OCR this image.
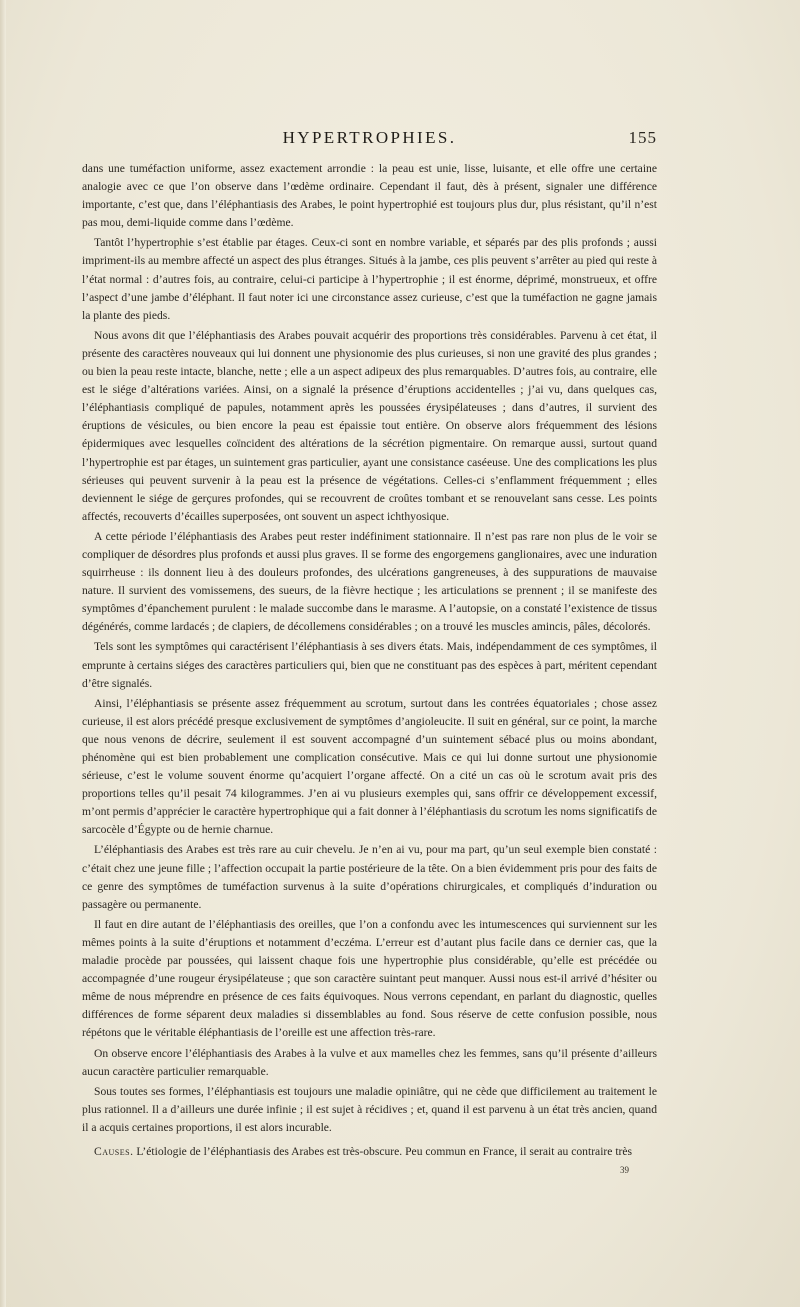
HYPERTROPHIES.	155

dans une tuméfaction uniforme, assez exactement arrondie : la peau est unie, lisse, luisante, et elle offre une certaine analogie avec ce que l’on observe dans l’œdème ordinaire. Cependant il faut, dès à présent, signaler une différence importante, c’est que, dans l’éléphantiasis des Arabes, le point hypertrophié est toujours plus dur, plus résistant, qu’il n’est pas mou, demi-liquide comme dans l’œdème.

Tantôt l’hypertrophie s’est établie par étages. Ceux-ci sont en nombre variable, et séparés par des plis profonds ; aussi impriment-ils au membre affecté un aspect des plus étranges. Situés à la jambe, ces plis peuvent s’arrêter au pied qui reste à l’état normal : d’autres fois, au contraire, celui-ci participe à l’hypertrophie ; il est énorme, déprimé, monstrueux, et offre l’aspect d’une jambe d’éléphant. Il faut noter ici une circonstance assez curieuse, c’est que la tuméfaction ne gagne jamais la plante des pieds.

Nous avons dit que l’éléphantiasis des Arabes pouvait acquérir des proportions très considérables. Parvenu à cet état, il présente des caractères nouveaux qui lui donnent une physionomie des plus curieuses, si non une gravité des plus grandes ; ou bien la peau reste intacte, blanche, nette ; elle a un aspect adipeux des plus remarquables. D’autres fois, au contraire, elle est le siége d’altérations variées. Ainsi, on a signalé la présence d’éruptions accidentelles ; j’ai vu, dans quelques cas, l’éléphantiasis compliqué de papules, notamment après les poussées érysipélateuses ; dans d’autres, il survient des éruptions de vésicules, ou bien encore la peau est épaissie tout entière. On observe alors fréquemment des lésions épidermiques avec lesquelles coïncident des altérations de la sécrétion pigmentaire. On remarque aussi, surtout quand l’hypertrophie est par étages, un suintement gras particulier, ayant une consistance caséeuse. Une des complications les plus sérieuses qui peuvent survenir à la peau est la présence de végétations. Celles-ci s’enflamment fréquemment ; elles deviennent le siége de gerçures profondes, qui se recouvrent de croûtes tombant et se renouvelant sans cesse. Les points affectés, recouverts d’écailles superposées, ont souvent un aspect ichthyosique.

A cette période l’éléphantiasis des Arabes peut rester indéfiniment stationnaire. Il n’est pas rare non plus de le voir se compliquer de désordres plus profonds et aussi plus graves. Il se forme des engorgemens ganglionaires, avec une induration squirrheuse : ils donnent lieu à des douleurs profondes, des ulcérations gangreneuses, à des suppurations de mauvaise nature. Il survient des vomissemens, des sueurs, de la fièvre hectique ; les articulations se prennent ; il se manifeste des symptômes d’épanchement purulent : le malade succombe dans le marasme. A l’autopsie, on a constaté l’existence de tissus dégénérés, comme lardacés ; de clapiers, de décollemens considérables ; on a trouvé les muscles amincis, pâles, décolorés.

Tels sont les symptômes qui caractérisent l’éléphantiasis à ses divers états. Mais, indépendamment de ces symptômes, il emprunte à certains siéges des caractères particuliers qui, bien que ne constituant pas des espèces à part, méritent cependant d’être signalés.

Ainsi, l’éléphantiasis se présente assez fréquemment au scrotum, surtout dans les contrées équatoriales ; chose assez curieuse, il est alors précédé presque exclusivement de symptômes d’angioleucite. Il suit en général, sur ce point, la marche que nous venons de décrire, seulement il est souvent accompagné d’un suintement sébacé plus ou moins abondant, phénomène qui est bien probablement une complication consécutive. Mais ce qui lui donne surtout une physionomie sérieuse, c’est le volume souvent énorme qu’acquiert l’organe affecté. On a cité un cas où le scrotum avait pris des proportions telles qu’il pesait 74 kilogrammes. J’en ai vu plusieurs exemples qui, sans offrir ce développement excessif, m’ont permis d’apprécier le caractère hypertrophique qui a fait donner à l’éléphantiasis du scrotum les noms significatifs de sarcocèle d’Égypte ou de hernie charnue.

L’éléphantiasis des Arabes est très rare au cuir chevelu. Je n’en ai vu, pour ma part, qu’un seul exemple bien constaté : c’était chez une jeune fille ; l’affection occupait la partie postérieure de la tête. On a bien évidemment pris pour des faits de ce genre des symptômes de tuméfaction survenus à la suite d’opérations chirurgicales, et compliqués d’induration ou passagère ou permanente.

Il faut en dire autant de l’éléphantiasis des oreilles, que l’on a confondu avec les intumescences qui surviennent sur les mêmes points à la suite d’éruptions et notamment d’eczéma. L’erreur est d’autant plus facile dans ce dernier cas, que la maladie procède par poussées, qui laissent chaque fois une hypertrophie plus considérable, qu’elle est précédée ou accompagnée d’une rougeur érysipélateuse ; que son caractère suintant peut manquer. Aussi nous est-il arrivé d’hésiter ou même de nous méprendre en présence de ces faits équivoques. Nous verrons cependant, en parlant du diagnostic, quelles différences de forme séparent deux maladies si dissemblables au fond. Sous réserve de cette confusion possible, nous répétons que le véritable éléphantiasis de l’oreille est une affection très-rare.

On observe encore l’éléphantiasis des Arabes à la vulve et aux mamelles chez les femmes, sans qu’il présente d’ailleurs aucun caractère particulier remarquable.

Sous toutes ses formes, l’éléphantiasis est toujours une maladie opiniâtre, qui ne cède que difficilement au traitement le plus rationnel. Il a d’ailleurs une durée infinie ; il est sujet à récidives ; et, quand il est parvenu à un état très ancien, quand il a acquis certaines proportions, il est alors incurable.

Causes. L’étiologie de l’éléphantiasis des Arabes est très-obscure. Peu commun en France, il serait au contraire très

39
